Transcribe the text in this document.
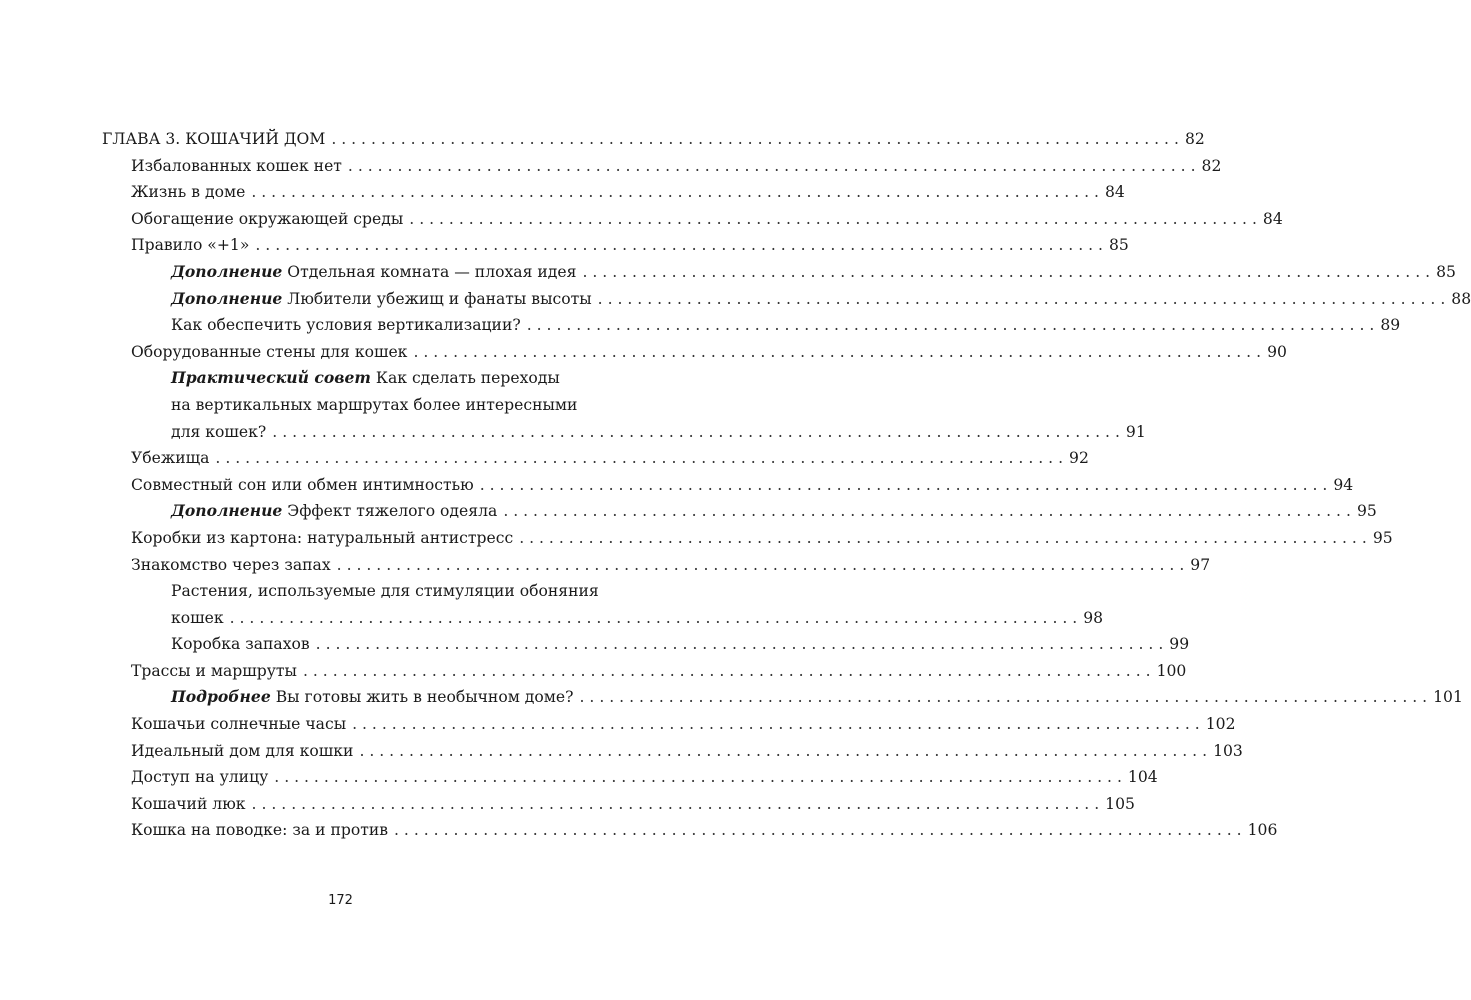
ГЛАВА 3. КОШАЧИЙ ДОМ . . .	82
Избалованных кошек нет . . .	82
Жизнь в доме . . .	84
Обогащение окружающей среды . . .	84
Правило «+1» . . .	85
Дополнение Отдельная комната — плохая идея . . .	85
Дополнение Любители убежищ и фанаты высоты . . .	88
Как обеспечить условия вертикализации? . . .	89
Оборудованные стены для кошек . . .	90
Практический совет Как сделать переходы
на вертикальных маршрутах более интересными
для кошек? . . .	91
Убежища . . .	92
Совместный сон или обмен интимностью . . .	94
Дополнение Эффект тяжелого одеяла . . .	95
Коробки из картона: натуральный антистресс . . .	95
Знакомство через запах . . .	97
Растения, используемые для стимуляции обоняния
кошек . . .	98
Коробка запахов . . .	99
Трассы и маршруты . . .	100
Подробнее Вы готовы жить в необычном доме? . . .	101
Кошачьи солнечные часы . . .	102
Идеальный дом для кошки . . .	103
Доступ на улицу . . .	104
Кошачий люк . . .	105
Кошка на поводке: за и против . . .	106
172
